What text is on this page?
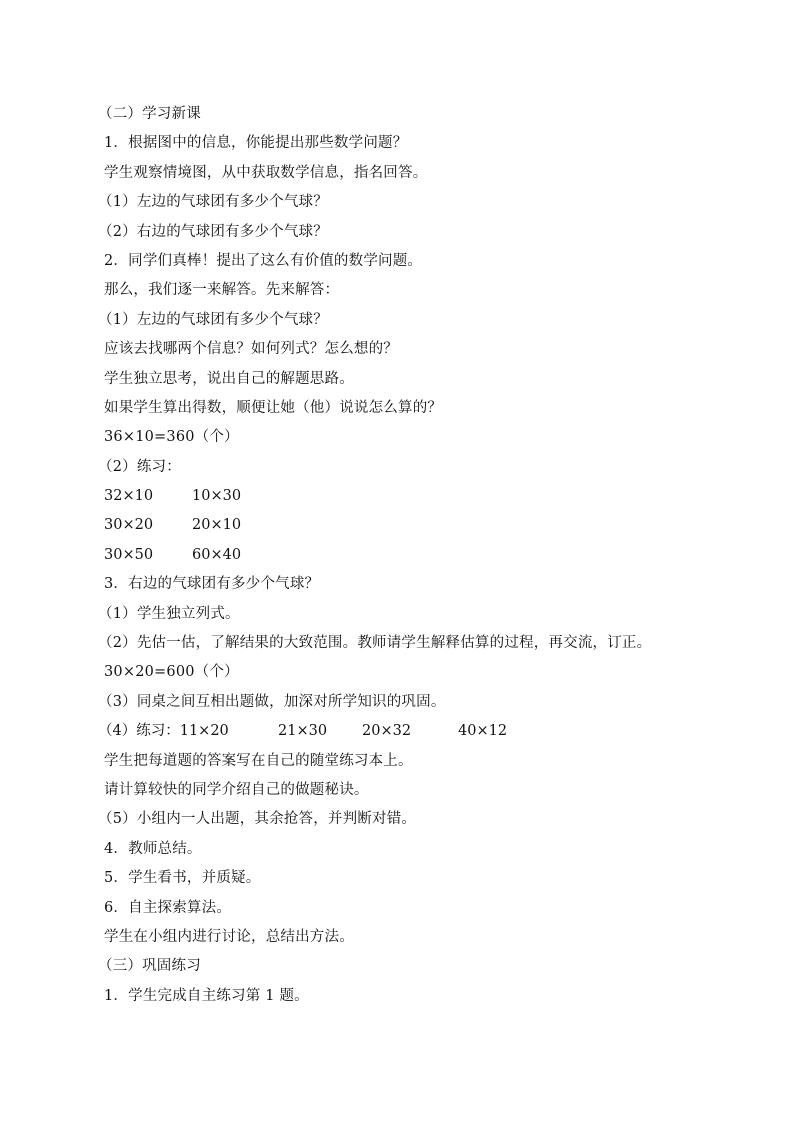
（二）学习新课
1．根据图中的信息，你能提出那些数学问题？
学生观察情境图，从中获取数学信息，指名回答。
（1）左边的气球团有多少个气球？
（2）右边的气球团有多少个气球？
2．同学们真棒！提出了这么有价值的数学问题。
那么，我们逐一来解答。先来解答：
（1）左边的气球团有多少个气球？
应该去找哪两个信息？如何列式？怎么想的？
学生独立思考，说出自己的解题思路。
如果学生算出得数，顺便让她（他）说说怎么算的？
36×10=360（个）
（2）练习：
32×10	10×30
30×20	20×10
30×50	60×40
3．右边的气球团有多少个气球？
（1）学生独立列式。
（2）先估一估，了解结果的大致范围。教师请学生解释估算的过程，再交流，订正。
30×20=600（个）
（3）同桌之间互相出题做，加深对所学知识的巩固。
（4）练习：11×20	21×30	20×32	40×12
学生把每道题的答案写在自己的随堂练习本上。
请计算较快的同学介绍自己的做题秘诀。
（5）小组内一人出题，其余抢答，并判断对错。
4．教师总结。
5．学生看书，并质疑。
6．自主探索算法。
学生在小组内进行讨论，总结出方法。
（三）巩固练习
1．学生完成自主练习第 1 题。
